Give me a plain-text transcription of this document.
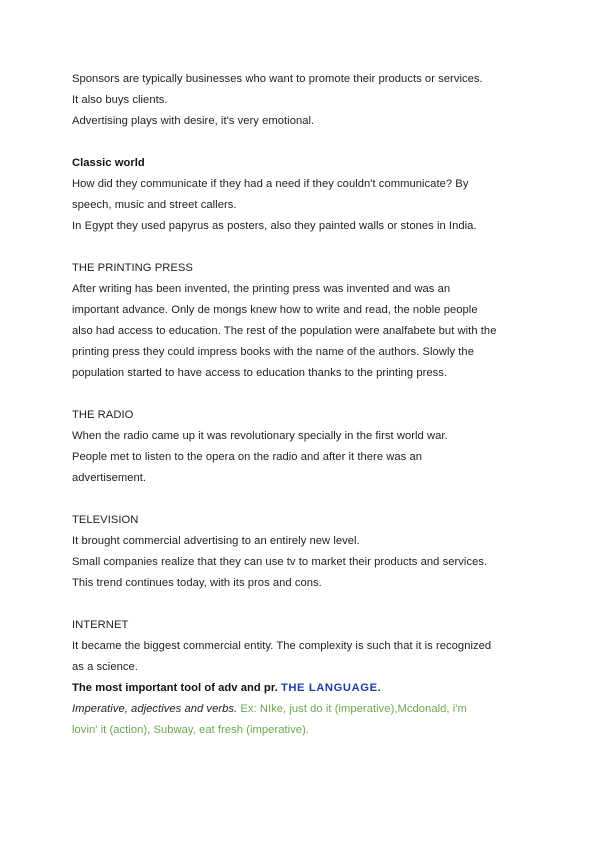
Sponsors are typically businesses who want to promote their products or services.

It also buys clients.

Advertising plays with desire, it's very emotional.

Classic world

How did they communicate if they had a need if they couldn't communicate? By

speech, music and street callers.

In Egypt they used papyrus as posters, also they painted walls or stones in India.

THE PRINTING PRESS

After writing has been invented, the printing press was invented and was an

important advance. Only de mongs knew how to write and read, the noble people

also had access to education. The rest of the population were analfabete but with the

printing press they could impress books with the name of the authors. Slowly the

population started to have access to education thanks to the printing press.

THE RADIO

When the radio came up it was revolutionary specially in the first world war.

People met to listen to the opera on the radio and after it there was an

advertisement.

TELEVISION

It brought commercial advertising to an entirely new level.

Small companies realize that they can use tv to market their products and services.

This trend continues today, with its pros and cons.

INTERNET

It became the biggest commercial entity. The complexity is such that it is recognized

as a science.

The most important tool of adv and pr. THE LANGUAGE.

Imperative, adjectives and verbs. Ex: NIke, just do it (imperative),Mcdonald, i'm

lovin' it (action), Subway, eat fresh (imperative).
